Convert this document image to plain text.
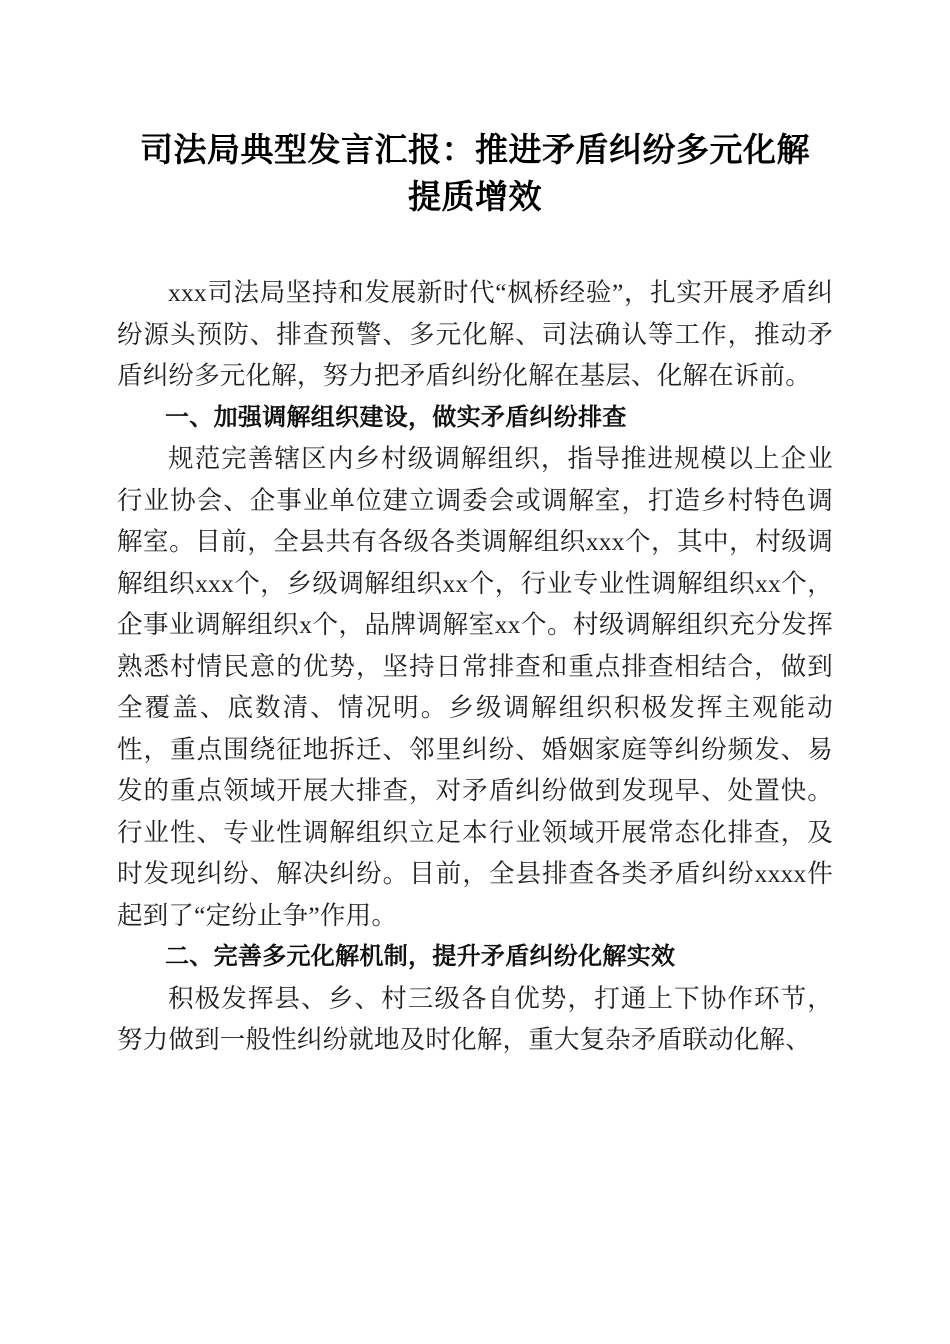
司法局典型发言汇报：推进矛盾纠纷多元化解
提质增效

xxx司法局坚持和发展新时代“枫桥经验”，扎实开展矛盾纠纷源头预防、排查预警、多元化解、司法确认等工作，推动矛盾纠纷多元化解，努力把矛盾纠纷化解在基层、化解在诉前。

一、加强调解组织建设，做实矛盾纠纷排查

规范完善辖区内乡村级调解组织，指导推进规模以上企业行业协会、企事业单位建立调委会或调解室，打造乡村特色调解室。目前，全县共有各级各类调解组织xxx个，其中，村级调解组织xxx个，乡级调解组织xx个，行业专业性调解组织xx个，企事业调解组织x个，品牌调解室xx个。村级调解组织充分发挥熟悉村情民意的优势，坚持日常排查和重点排查相结合，做到全覆盖、底数清、情况明。乡级调解组织积极发挥主观能动性，重点围绕征地拆迁、邻里纠纷、婚姻家庭等纠纷频发、易发的重点领域开展大排查，对矛盾纠纷做到发现早、处置快。行业性、专业性调解组织立足本行业领域开展常态化排查，及时发现纠纷、解决纠纷。目前，全县排查各类矛盾纠纷xxxx件起到了“定纷止争”作用。

二、完善多元化解机制，提升矛盾纠纷化解实效

积极发挥县、乡、村三级各自优势，打通上下协作环节，努力做到一般性纠纷就地及时化解，重大复杂矛盾联动化解、
